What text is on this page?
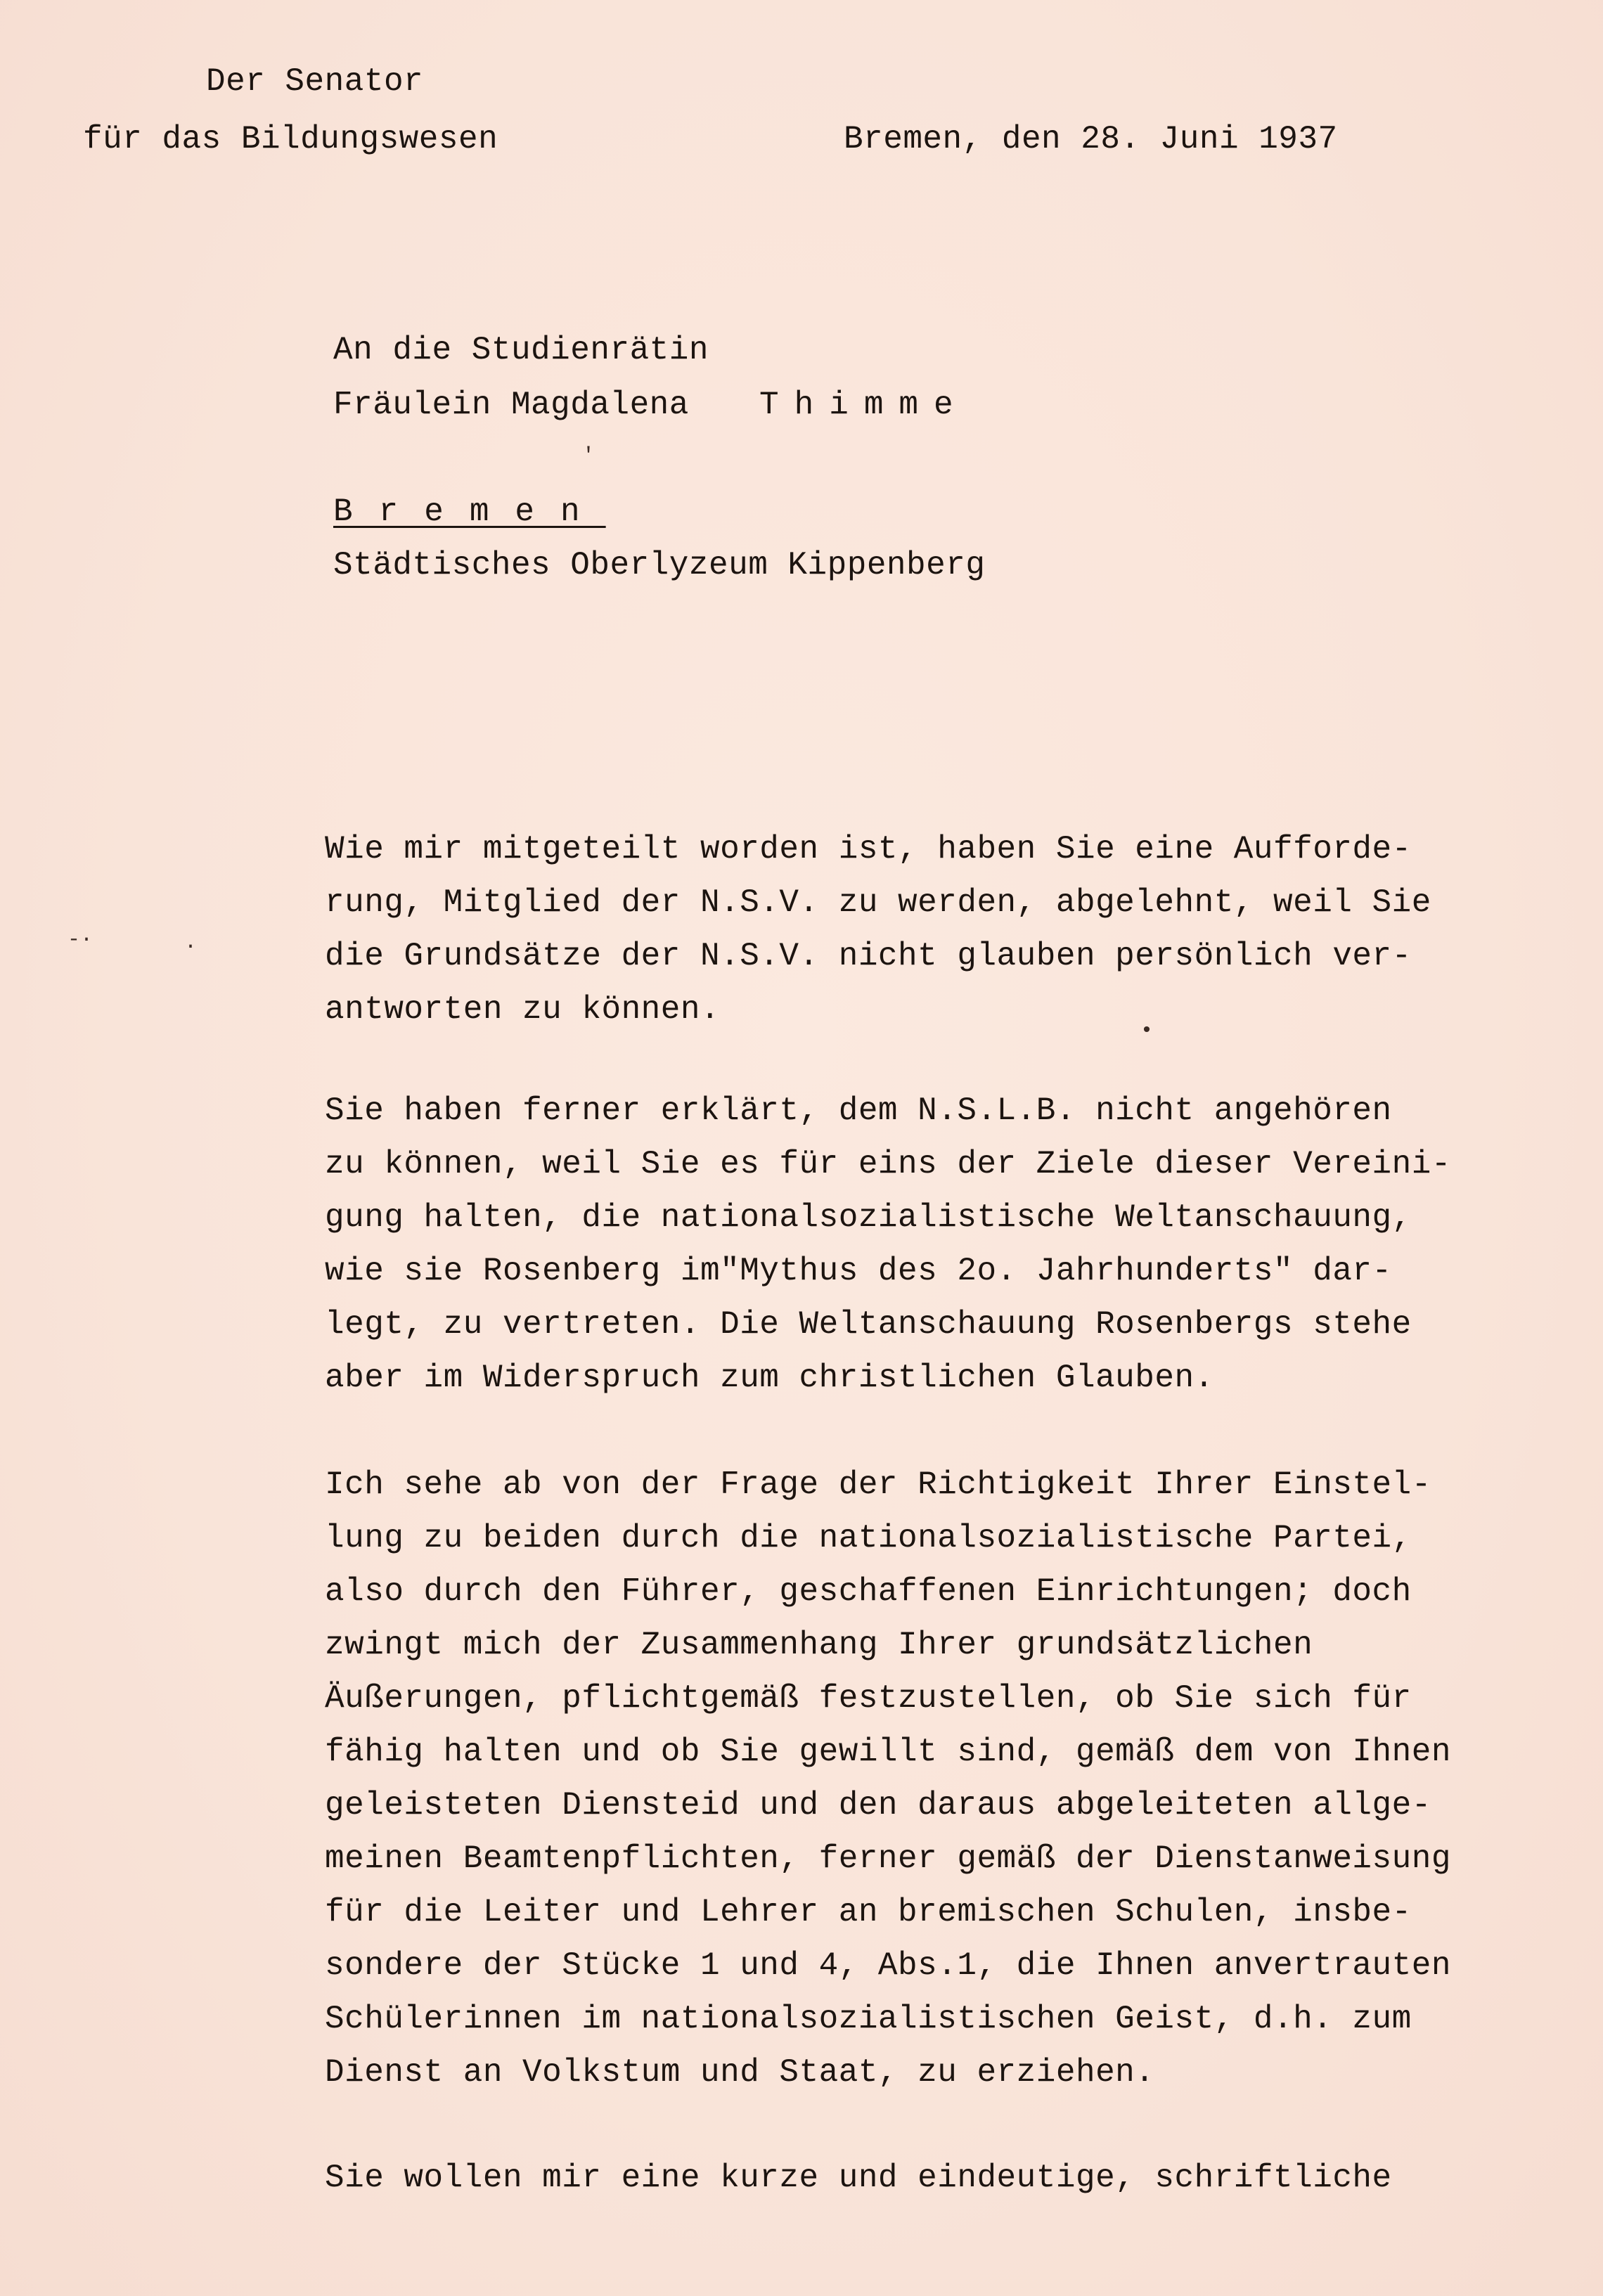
Der Senator
für das Bildungswesen	Bremen, den 28. Juni 1937
An die Studienrätin
Fräulein Magdalena Thimme
Bremen
Städtisches Oberlyzeum Kippenberg
Wie mir mitgeteilt worden ist, haben Sie eine Aufforde-
rung, Mitglied der N.S.V. zu werden, abgelehnt, weil Sie
die Grundsätze der N.S.V. nicht glauben persönlich ver-
antworten zu können.
Sie haben ferner erklärt, dem N.S.L.B. nicht angehören
zu können, weil Sie es für eins der Ziele dieser Vereini-
gung halten, die nationalsozialistische Weltanschauung,
wie sie Rosenberg im"Mythus des 2o. Jahrhunderts" dar-
legt, zu vertreten. Die Weltanschauung Rosenbergs stehe
aber im Widerspruch zum christlichen Glauben.
Ich sehe ab von der Frage der Richtigkeit Ihrer Einstel-
lung zu beiden durch die nationalsozialistische Partei,
also durch den Führer, geschaffenen Einrichtungen; doch
zwingt mich der Zusammenhang Ihrer grundsätzlichen
Äußerungen, pflichtgemäß festzustellen, ob Sie sich für
fähig halten und ob Sie gewillt sind, gemäß dem von Ihnen
geleisteten Diensteid und den daraus abgeleiteten allge-
meinen Beamtenpflichten, ferner gemäß der Dienstanweisung
für die Leiter und Lehrer an bremischen Schulen, insbe-
sondere der Stücke 1 und 4, Abs.1, die Ihnen anvertrauten
Schülerinnen im nationalsozialistischen Geist, d.h. zum
Dienst an Volkstum und Staat, zu erziehen.
Sie wollen mir eine kurze und eindeutige, schriftliche
-·	·
•
′
